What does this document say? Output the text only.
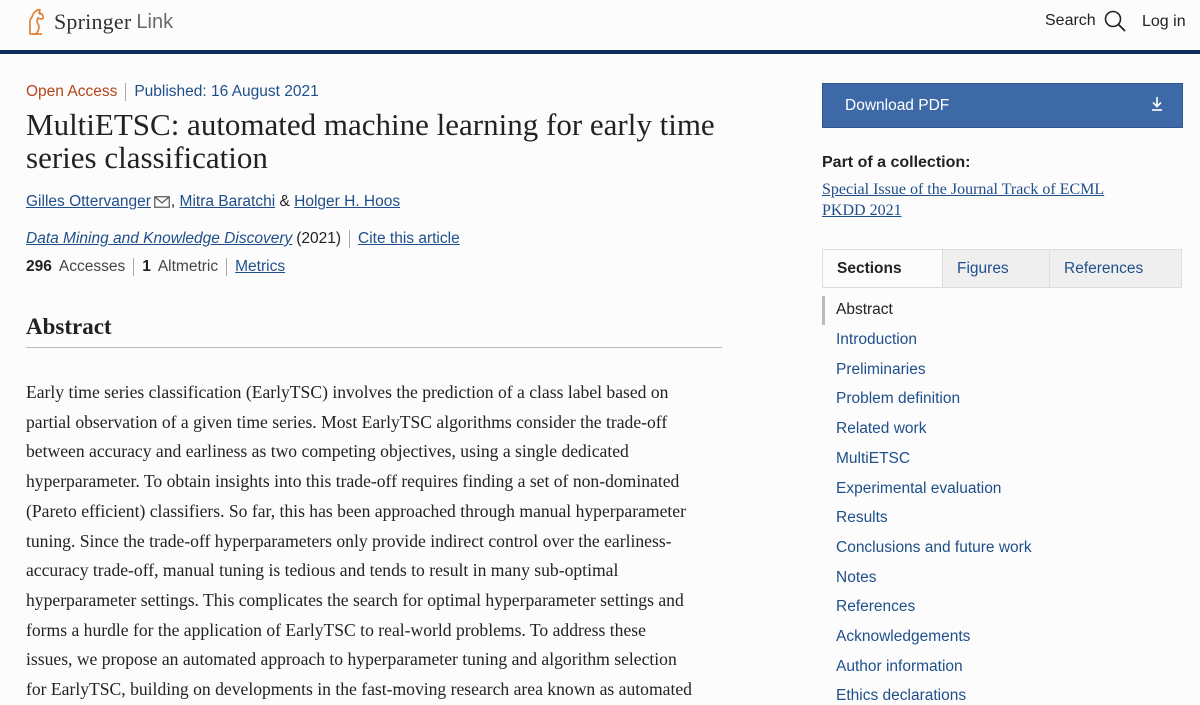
Springer Link	Search	Log in
Open Access Published: 16 August 2021
MultiETSC: automated machine learning for early time series classification
Gilles Ottervanger ,
Mitra Baratchi
&
Holger H. Hoos
Data Mining and Knowledge Discovery (2021) Cite this article
296 Accesses 1 Altmetric Metrics
Abstract
Early time series classification (EarlyTSC) involves the prediction of a class label based on
partial observation of a given time series. Most EarlyTSC algorithms consider the trade-off
between accuracy and earliness as two competing objectives, using a single dedicated
hyperparameter. To obtain insights into this trade-off requires finding a set of non-dominated
(Pareto efficient) classifiers. So far, this has been approached through manual hyperparameter
tuning. Since the trade-off hyperparameters only provide indirect control over the earliness-
accuracy trade-off, manual tuning is tedious and tends to result in many sub-optimal
hyperparameter settings. This complicates the search for optimal hyperparameter settings and
forms a hurdle for the application of EarlyTSC to real-world problems. To address these
issues, we propose an automated approach to hyperparameter tuning and algorithm selection
for EarlyTSC, building on developments in the fast-moving research area known as automated
Download PDF
Part of a collection:
Special Issue of the Journal Track of ECML PKDD 2021
Sections	Figures	References
Abstract
Introduction
Preliminaries
Problem definition
Related work
MultiETSC
Experimental evaluation
Results
Conclusions and future work
Notes
References
Acknowledgements
Author information
Ethics declarations
